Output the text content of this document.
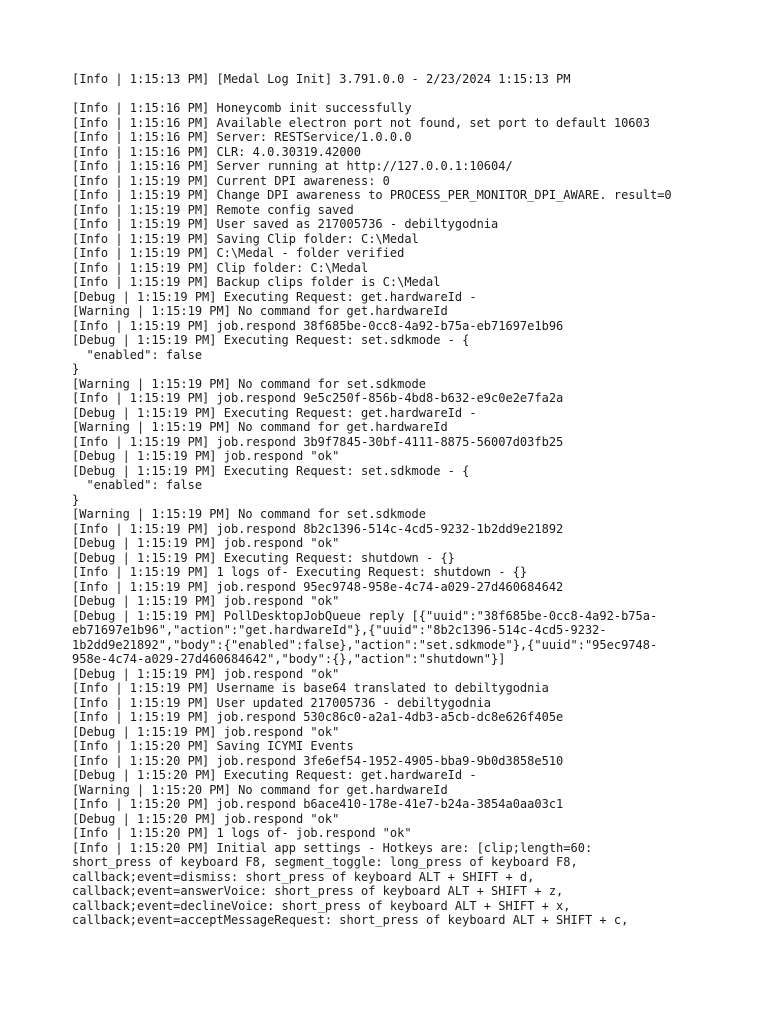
[Info | 1:15:13 PM] [Medal Log Init] 3.791.0.0 - 2/23/2024 1:15:13 PM
[Info | 1:15:16 PM] Honeycomb init successfully
[Info | 1:15:16 PM] Available electron port not found, set port to default 10603
[Info | 1:15:16 PM] Server: RESTService/1.0.0.0
[Info | 1:15:16 PM] CLR: 4.0.30319.42000
[Info | 1:15:16 PM] Server running at http://127.0.0.1:10604/
[Info | 1:15:19 PM] Current DPI awareness: 0
[Info | 1:15:19 PM] Change DPI awareness to PROCESS_PER_MONITOR_DPI_AWARE. result=0
[Info | 1:15:19 PM] Remote config saved
[Info | 1:15:19 PM] User saved as 217005736 - debiltygodnia
[Info | 1:15:19 PM] Saving Clip folder: C:\Medal
[Info | 1:15:19 PM] C:\Medal - folder verified
[Info | 1:15:19 PM] Clip folder: C:\Medal
[Info | 1:15:19 PM] Backup clips folder is C:\Medal
[Debug | 1:15:19 PM] Executing Request: get.hardwareId -
[Warning | 1:15:19 PM] No command for get.hardwareId
[Info | 1:15:19 PM] job.respond 38f685be-0cc8-4a92-b75a-eb71697e1b96
[Debug | 1:15:19 PM] Executing Request: set.sdkmode - {
"enabled": false
}
[Warning | 1:15:19 PM] No command for set.sdkmode
[Info | 1:15:19 PM] job.respond 9e5c250f-856b-4bd8-b632-e9c0e2e7fa2a
[Debug | 1:15:19 PM] Executing Request: get.hardwareId -
[Warning | 1:15:19 PM] No command for get.hardwareId
[Info | 1:15:19 PM] job.respond 3b9f7845-30bf-4111-8875-56007d03fb25
[Debug | 1:15:19 PM] job.respond "ok"
[Debug | 1:15:19 PM] Executing Request: set.sdkmode - {
"enabled": false
}
[Warning | 1:15:19 PM] No command for set.sdkmode
[Info | 1:15:19 PM] job.respond 8b2c1396-514c-4cd5-9232-1b2dd9e21892
[Debug | 1:15:19 PM] job.respond "ok"
[Debug | 1:15:19 PM] Executing Request: shutdown - {}
[Info | 1:15:19 PM] 1 logs of- Executing Request: shutdown - {}
[Info | 1:15:19 PM] job.respond 95ec9748-958e-4c74-a029-27d460684642
[Debug | 1:15:19 PM] job.respond "ok"
[Debug | 1:15:19 PM] PollDesktopJobQueue reply [{"uuid":"38f685be-0cc8-4a92-b75a-
eb71697e1b96","action":"get.hardwareId"},{"uuid":"8b2c1396-514c-4cd5-9232-
1b2dd9e21892","body":{"enabled":false},"action":"set.sdkmode"},{"uuid":"95ec9748-
958e-4c74-a029-27d460684642","body":{},"action":"shutdown"}]
[Debug | 1:15:19 PM] job.respond "ok"
[Info | 1:15:19 PM] Username is base64 translated to debiltygodnia
[Info | 1:15:19 PM] User updated 217005736 - debiltygodnia
[Info | 1:15:19 PM] job.respond 530c86c0-a2a1-4db3-a5cb-dc8e626f405e
[Debug | 1:15:19 PM] job.respond "ok"
[Info | 1:15:20 PM] Saving ICYMI Events
[Info | 1:15:20 PM] job.respond 3fe6ef54-1952-4905-bba9-9b0d3858e510
[Debug | 1:15:20 PM] Executing Request: get.hardwareId -
[Warning | 1:15:20 PM] No command for get.hardwareId
[Info | 1:15:20 PM] job.respond b6ace410-178e-41e7-b24a-3854a0aa03c1
[Debug | 1:15:20 PM] job.respond "ok"
[Info | 1:15:20 PM] 1 logs of- job.respond "ok"
[Info | 1:15:20 PM] Initial app settings - Hotkeys are: [clip;length=60:
short_press of keyboard F8, segment_toggle: long_press of keyboard F8,
callback;event=dismiss: short_press of keyboard ALT + SHIFT + d,
callback;event=answerVoice: short_press of keyboard ALT + SHIFT + z,
callback;event=declineVoice: short_press of keyboard ALT + SHIFT + x,
callback;event=acceptMessageRequest: short_press of keyboard ALT + SHIFT + c,
